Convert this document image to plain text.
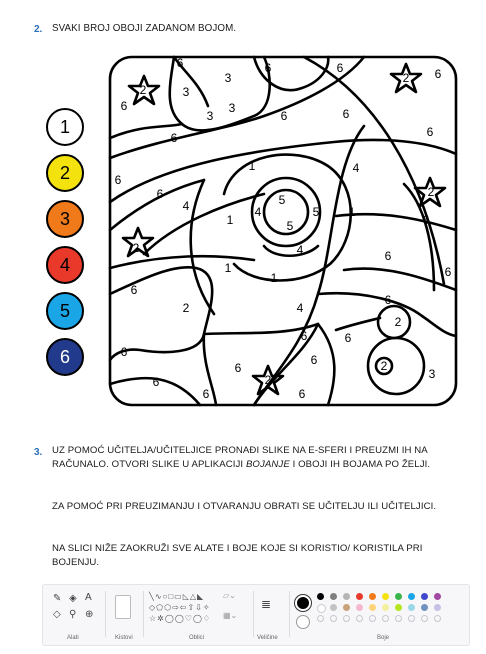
2. SVAKI BROJ OBOJI ZADANOM BOJOM.
1
2
3
4
5
6
6
3
6	6
2
6
2
3
6
3
3
6	6
6	6
1	4
6
6
4
1
4
5
5
5
1
2
6
4
2
1
1
6
6
6
2	4
6
2
6
6
2
3
6
6
6	2
6	6
6
3. UZ POMOĆ UČITELJA/UČITELJICE PRONAĐI SLIKE NA E-SFERI I PREUZMI IH NA RAČUNALO. OTVORI SLIKE U APLIKACIJI BOJANJE I OBOJI IH BOJAMA PO ŽELJI.
ZA POMOĆ PRI PREUZIMANJU I OTVARANJU OBRATI SE UČITELJU ILI UČITELJICI.
NA SLICI NIŽE ZAOKRUŽI SVE ALATE I BOJE KOJE SI KORISTIO/ KORISTILA PRI BOJENJU.
✎ ◈ A
◇ ⚲ ⊕
Alati	Kistovi
╲∿○□▭◺△◣
◇⬠⬡⇨⇦⇧⇩✧
☆✲◯◯♡◯♢
▱⌄
▦⌄
Oblici
≣
Veličine	Boje
